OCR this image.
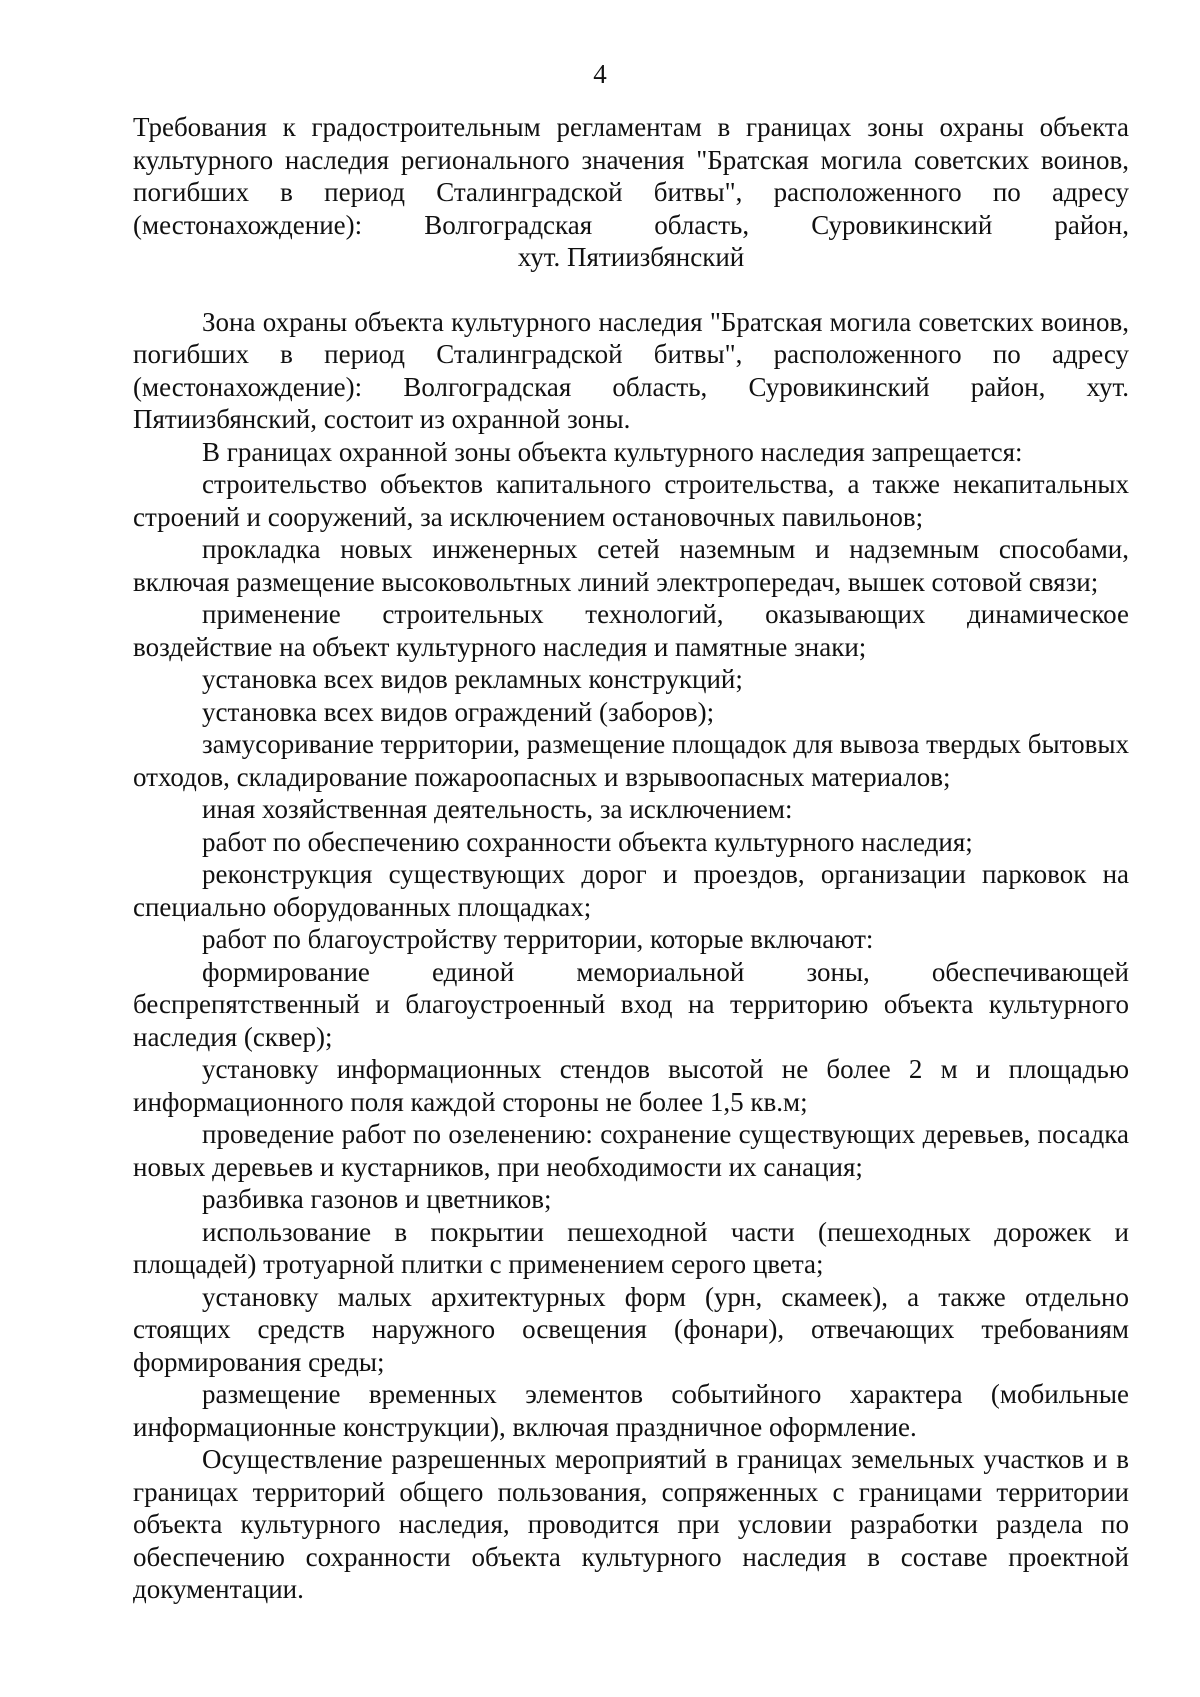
4

Требования к градостроительным регламентам в границах зоны охраны объекта

культурного наследия регионального значения "Братская могила советских воинов,

погибших в период Сталинградской битвы", расположенного по адресу

(местонахождение): Волгоградская область, Суровикинский район,

хут. Пятиизбянский

Зона охраны объекта культурного наследия "Братская могила советских воинов, погибших в период Сталинградской битвы", расположенного по адресу (местонахождение): Волгоградская область, Суровикинский район, хут. Пятиизбянский, состоит из охранной зоны.

В границах охранной зоны объекта культурного наследия запрещается:

строительство объектов капитального строительства, а также некапитальных строений и сооружений, за исключением остановочных павильонов;

прокладка новых инженерных сетей наземным и надземным способами, включая размещение высоковольтных линий электропередач, вышек сотовой связи;

применение строительных технологий, оказывающих динамическое воздействие на объект культурного наследия и памятные знаки;

установка всех видов рекламных конструкций;

установка всех видов ограждений (заборов);

замусоривание территории, размещение площадок для вывоза твердых бытовых отходов, складирование пожароопасных и взрывоопасных материалов;

иная хозяйственная деятельность, за исключением:

работ по обеспечению сохранности объекта культурного наследия;

реконструкция существующих дорог и проездов, организации парковок на специально оборудованных площадках;

работ по благоустройству территории, которые включают:

формирование единой мемориальной зоны, обеспечивающей беспрепятственный и благоустроенный вход на территорию объекта культурного наследия (сквер);

установку информационных стендов высотой не более 2 м и площадью информационного поля каждой стороны не более 1,5 кв.м;

проведение работ по озеленению: сохранение существующих деревьев, посадка новых деревьев и кустарников, при необходимости их санация;

разбивка газонов и цветников;

использование в покрытии пешеходной части (пешеходных дорожек и площадей) тротуарной плитки с применением серого цвета;

установку малых архитектурных форм (урн, скамеек), а также отдельно стоящих средств наружного освещения (фонари), отвечающих требованиям формирования среды;

размещение временных элементов событийного характера (мобильные информационные конструкции), включая праздничное оформление.

Осуществление разрешенных мероприятий в границах земельных участков и в границах территорий общего пользования, сопряженных с границами территории объекта культурного наследия, проводится при условии разработки раздела по обеспечению сохранности объекта культурного наследия в составе проектной документации.
